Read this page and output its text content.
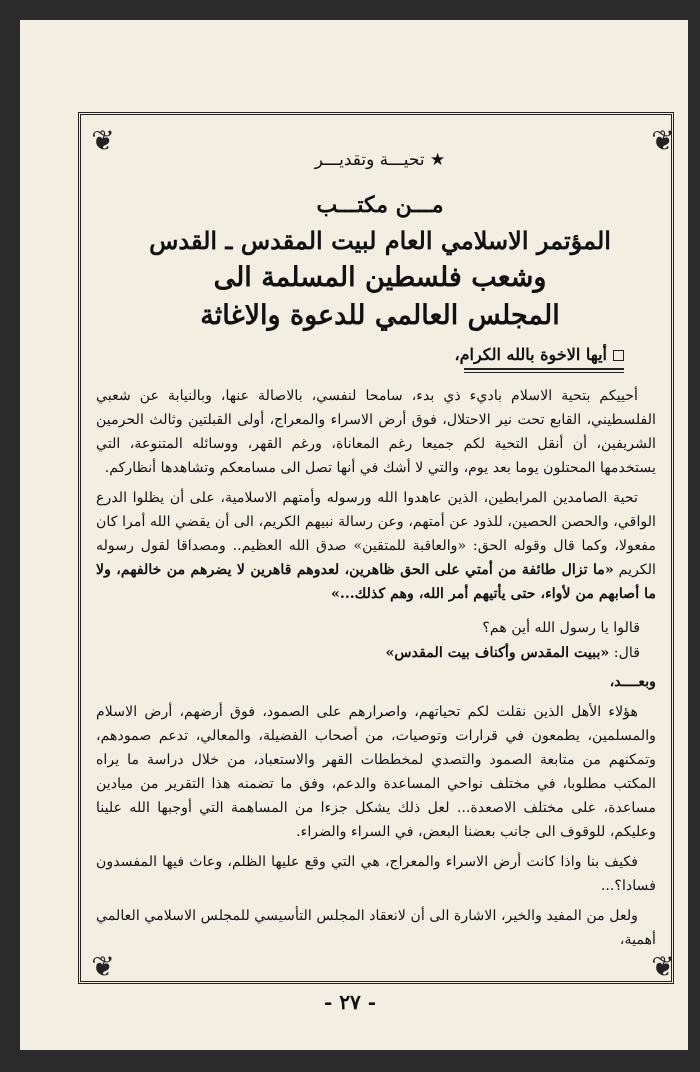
❦	❦
❦	❦
★ تحيـــة وتقديـــر
مـــن مكتـــب
المؤتمر الاسلامي العام لبيت المقدس ـ القدس
وشعب فلسطين المسلمة الى
المجلس العالمي للدعوة والاغاثة
أيها الاخوة بالله الكرام،

أحييكم بتحية الاسلام باديء ذي بدء، سامحا لنفسي، بالاصالة عنها، وبالنيابة عن شعبي الفلسطيني، القابع تحت نير الاحتلال، فوق أرض الاسراء والمعراج، أولى القبلتين وثالث الحرمين الشريفين، أن أنقل التحية لكم جميعا رغم المعاناة، ورغم القهر، ووسائله المتنوعة، التي يستخدمها المحتلون يوما بعد يوم، والتي لا أشك في أنها تصل الى مسامعكم وتشاهدها أنظاركم.

تحية الصامدين المرابطين، الذين عاهدوا الله ورسوله وأمتهم الاسلامية، على أن يظلوا الدرع الواقي، والحصن الحصين، للذود عن أمتهم، وعن رسالة نبيهم الكريم، الى أن يقضي الله أمرا كان مفعولا، وكما قال وقوله الحق: «والعاقبة للمتقين» صدق الله العظيم.. ومصداقا لقول رسوله الكريم «ما تزال طائفة من أمتي على الحق ظاهرين، لعدوهم قاهرين لا يضرهم من خالفهم، ولا ما أصابهم من لأواء، حتى يأتيهم أمر الله، وهم كذلك...»

قالوا يا رسول الله أين هم؟
قال: «ببيت المقدس وأكناف بيت المقدس»

وبعــــد،

هؤلاء الأهل الذين نقلت لكم تحياتهم، واصرارهم على الصمود، فوق أرضهم، أرض الاسلام والمسلمين، يطمعون في قرارات وتوصيات، من أصحاب الفضيلة، والمعالي، تدعم صمودهم، وتمكنهم من متابعة الصمود والتصدي لمخططات القهر والاستعباد، من خلال دراسة ما يراه المكتب مطلوبا، في مختلف نواحي المساعدة والدعم، وفق ما تضمنه هذا التقرير من ميادين مساعدة، على مختلف الاصعدة... لعل ذلك يشكل جزءا من المساهمة التي أوجبها الله علينا وعليكم، للوقوف الى جانب بعضنا البعض، في السراء والضراء.

فكيف بنا واذا كانت أرض الاسراء والمعراج، هي التي وقع عليها الظلم، وعاث فيها المفسدون فسادا؟...

ولعل من المفيد والخير، الاشارة الى أن لانعقاد المجلس التأسيسي للمجلس الاسلامي العالمي أهمية،

- ٢٧ -
